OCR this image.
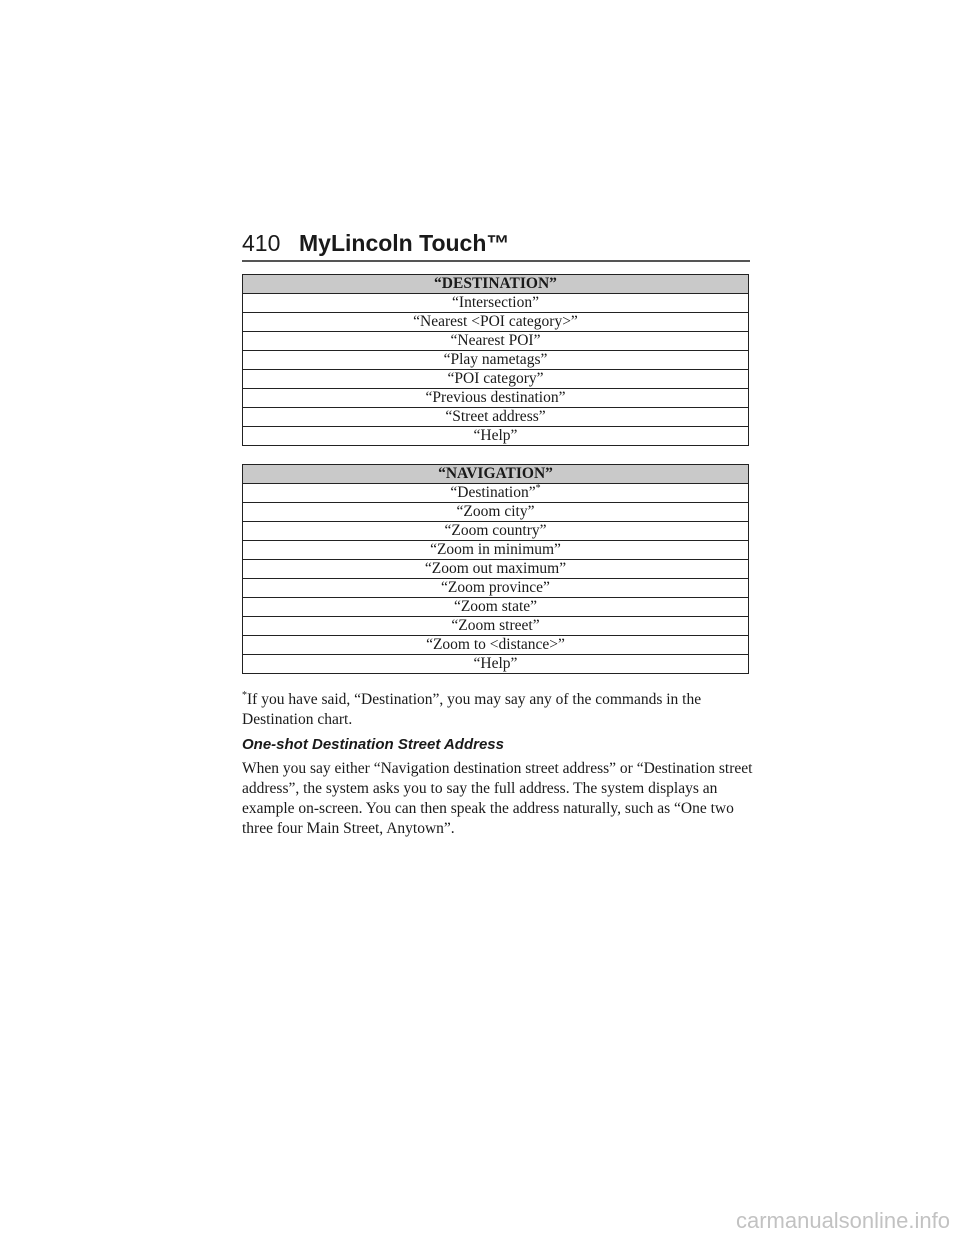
410 MyLincoln Touch™
“DESTINATION”
“Intersection”
“Nearest <POI category>”
“Nearest POI”
“Play nametags”
“POI category”
“Previous destination”
“Street address”
“Help”
“NAVIGATION”
“Destination”*
“Zoom city”
“Zoom country”
“Zoom in minimum”
“Zoom out maximum”
“Zoom province”
“Zoom state”
“Zoom street”
“Zoom to <distance>”
“Help”
*If you have said, “Destination”, you may say any of the commands in the Destination chart.
One-shot Destination Street Address
When you say either “Navigation destination street address” or “Destination street address”, the system asks you to say the full address. The system displays an example on-screen. You can then speak the address naturally, such as “One two three four Main Street, Anytown”.
carmanualsonline.info
